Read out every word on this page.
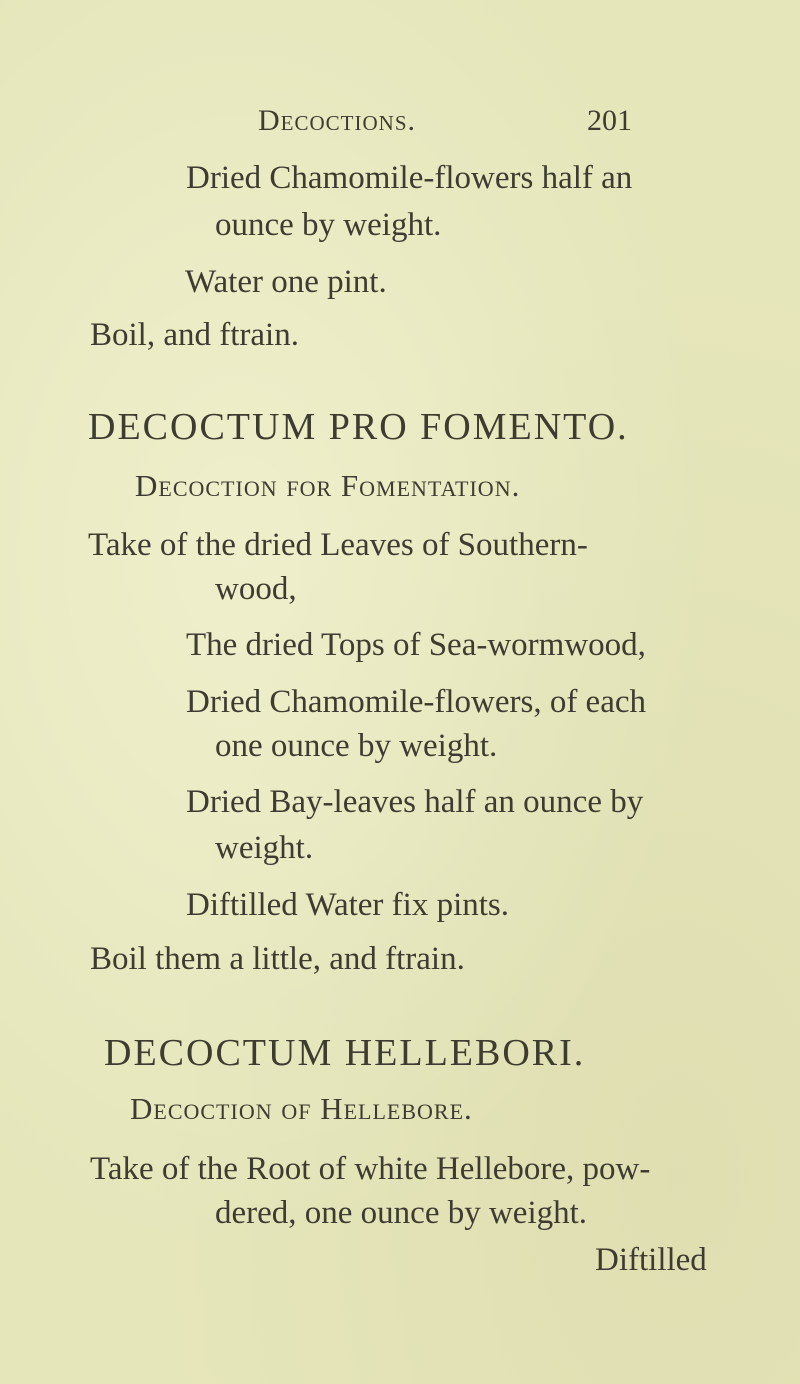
Decoctions.	201
Dried Chamomile-flowers half an
ounce by weight.
Water one pint.
Boil, and ftrain.
DECOCTUM PRO FOMENTO.
Decoction for Fomentation.
Take of the dried Leaves of Southern-
wood,
The dried Tops of Sea-wormwood,
Dried Chamomile-flowers, of each
one ounce by weight.
Dried Bay-leaves half an ounce by
weight.
Diftilled Water fix pints.
Boil them a little, and ftrain.
DECOCTUM HELLEBORI.
Decoction of Hellebore.
Take of the Root of white Hellebore, pow-
dered, one ounce by weight.
Diftilled
